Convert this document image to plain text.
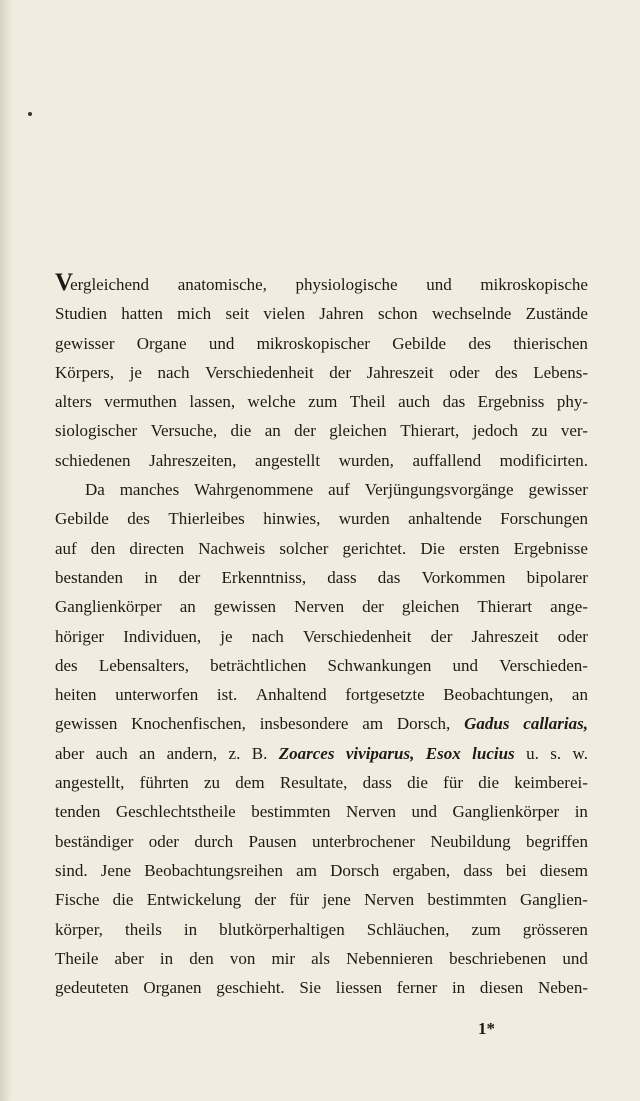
Vergleichend anatomische, physiologische und mikroskopische
Studien hatten mich seit vielen Jahren schon wechselnde Zustände
gewisser Organe und mikroskopischer Gebilde des thierischen
Körpers, je nach Verschiedenheit der Jahreszeit oder des Lebens-
alters vermuthen lassen, welche zum Theil auch das Ergebniss phy-
siologischer Versuche, die an der gleichen Thierart, jedoch zu ver-
schiedenen Jahreszeiten, angestellt wurden, auffallend modificirten.
Da manches Wahrgenommene auf Verjüngungsvorgänge gewisser
Gebilde des Thierleibes hinwies, wurden anhaltende Forschungen
auf den directen Nachweis solcher gerichtet. Die ersten Ergebnisse
bestanden in der Erkenntniss, dass das Vorkommen bipolarer
Ganglienkörper an gewissen Nerven der gleichen Thierart ange-
höriger Individuen, je nach Verschiedenheit der Jahreszeit oder
des Lebensalters, beträchtlichen Schwankungen und Verschieden-
heiten unterworfen ist. Anhaltend fortgesetzte Beobachtungen, an
gewissen Knochenfischen, insbesondere am Dorsch, Gadus callarias,
aber auch an andern, z. B. Zoarces viviparus, Esox lucius u. s. w.
angestellt, führten zu dem Resultate, dass die für die keimberei-
tenden Geschlechtstheile bestimmten Nerven und Ganglienkörper in
beständiger oder durch Pausen unterbrochener Neubildung begriffen
sind. Jene Beobachtungsreihen am Dorsch ergaben, dass bei diesem
Fische die Entwickelung der für jene Nerven bestimmten Ganglien-
körper, theils in blutkörperhaltigen Schläuchen, zum grösseren
Theile aber in den von mir als Nebennieren beschriebenen und
gedeuteten Organen geschieht. Sie liessen ferner in diesen Neben-
1*
